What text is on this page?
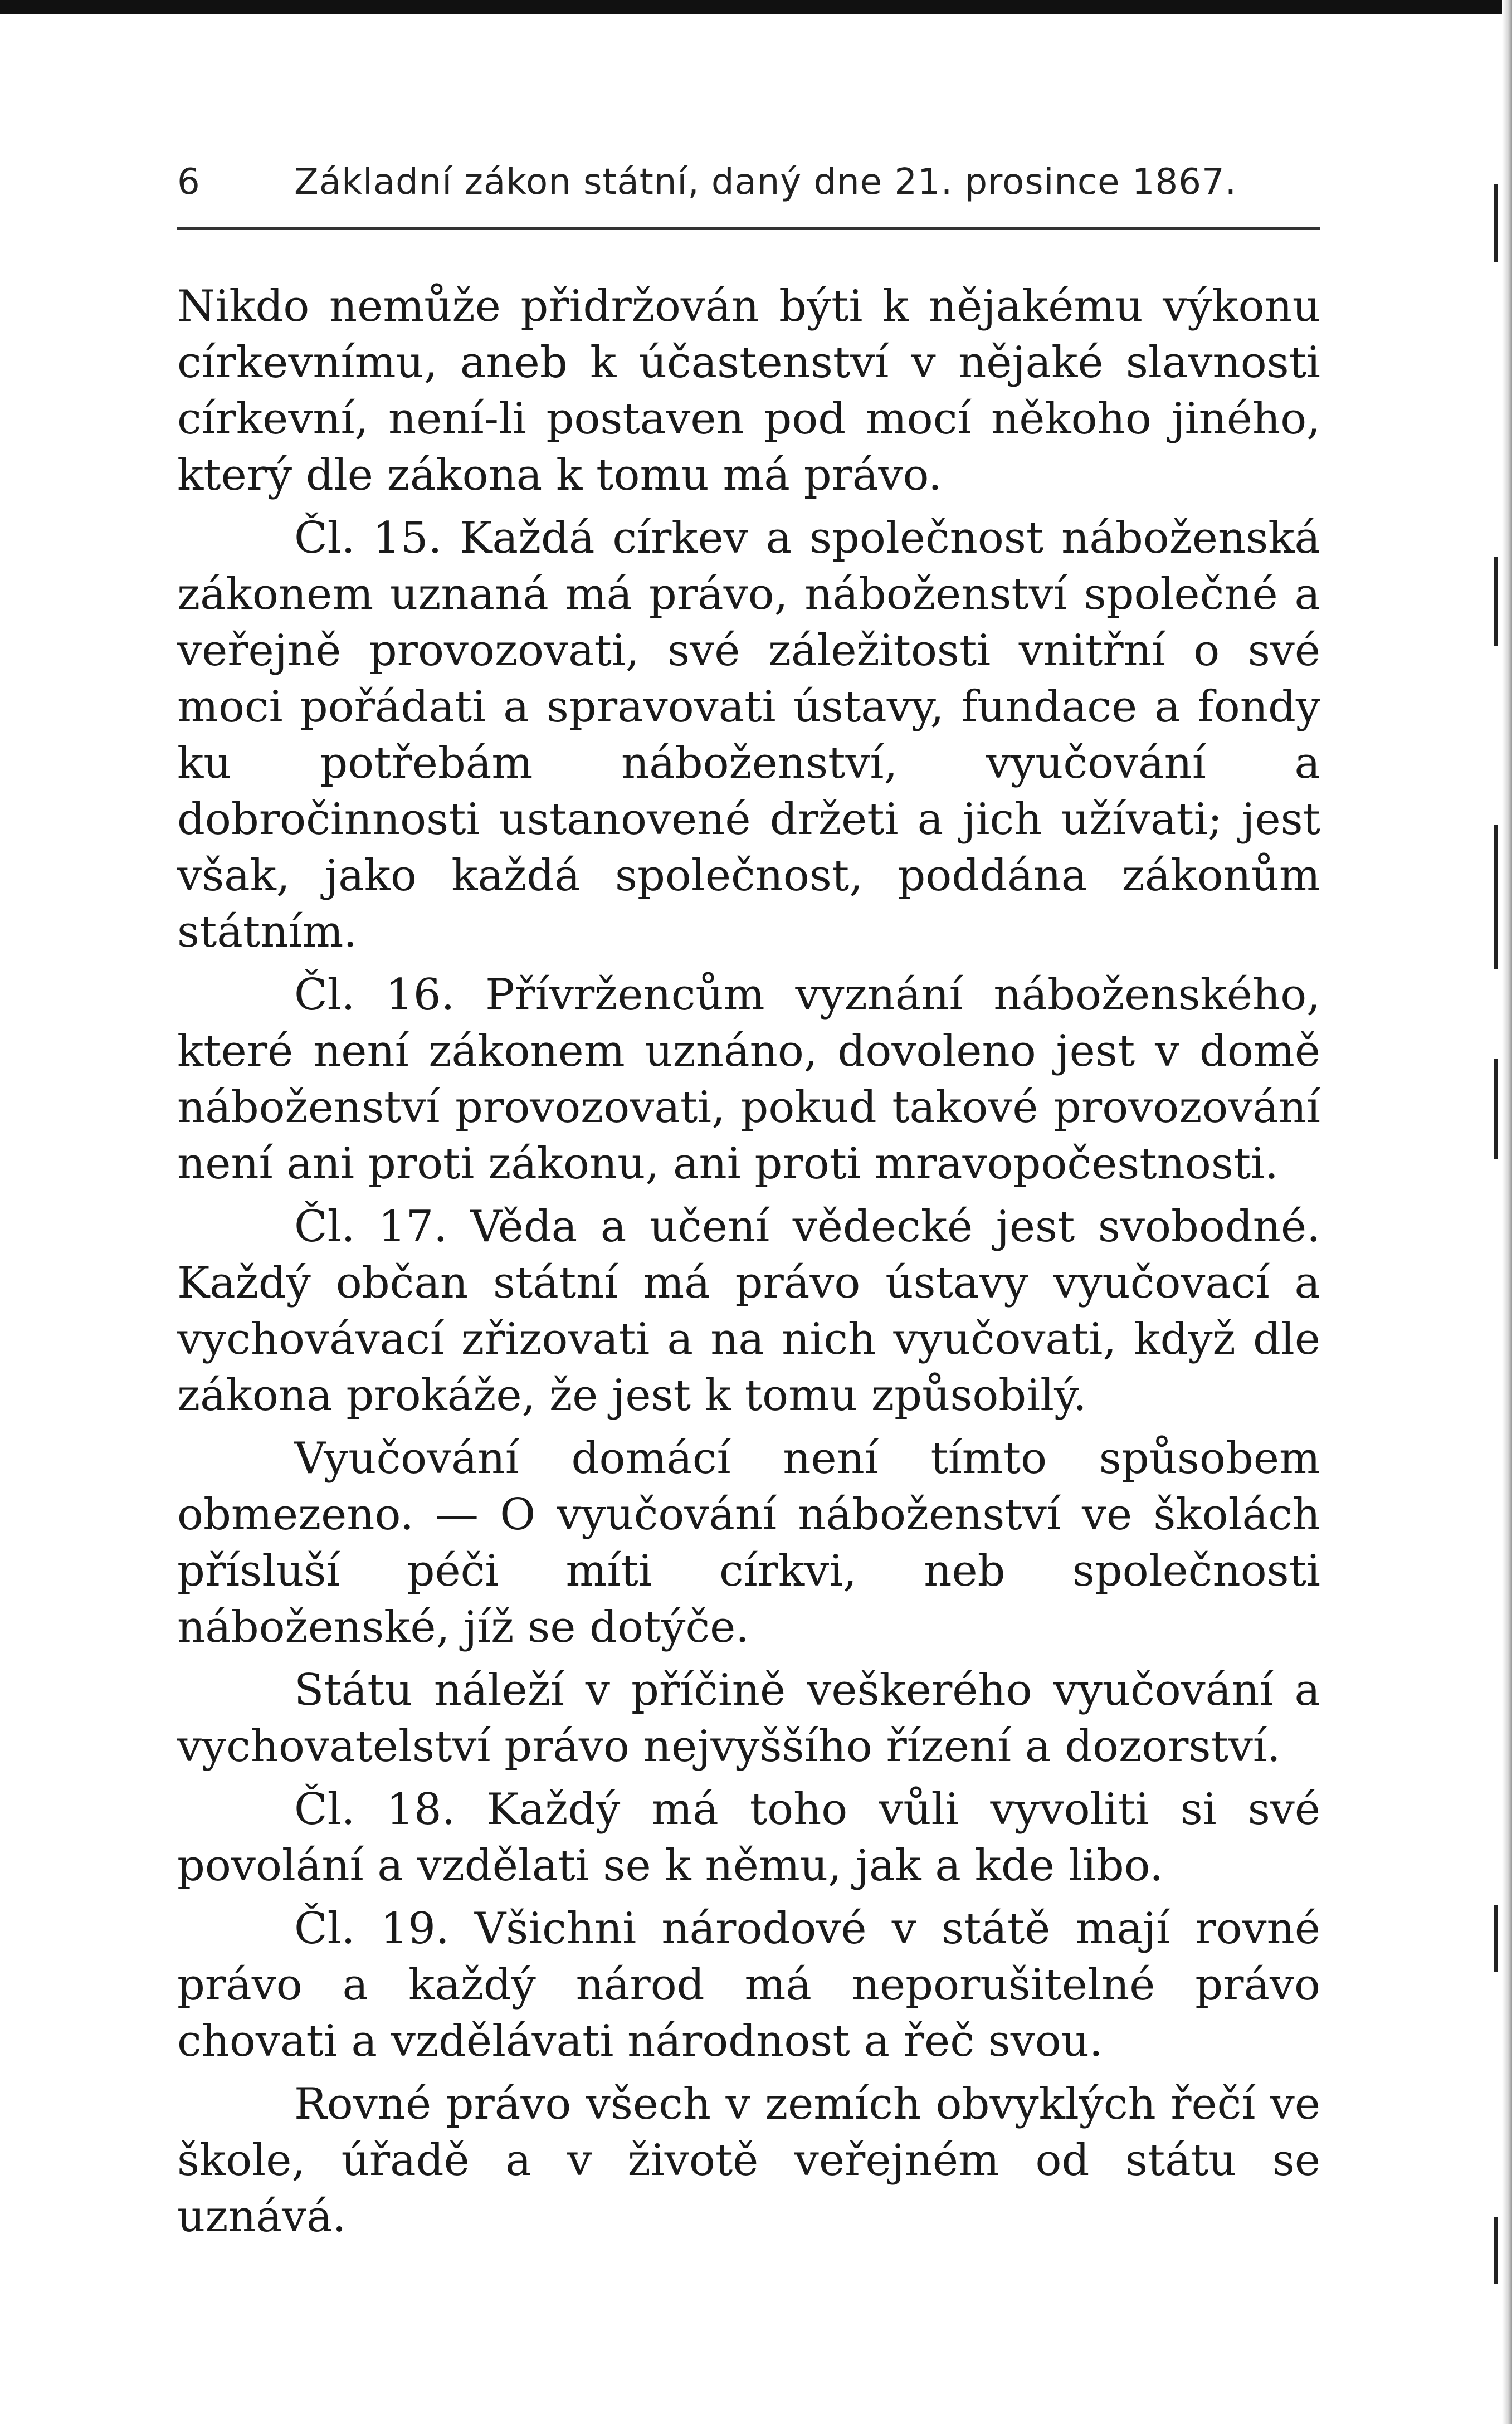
6	Základní zákon státní, daný dne 21. prosince 1867.

Nikdo nemůže přidržován býti k nějakému výkonu církevnímu, aneb k účastenství v nějaké slavnosti církevní, není-li postaven pod mocí někoho jiného, který dle zákona k tomu má právo.

Čl. 15. Každá církev a společnost náboženská zákonem uznaná má právo, náboženství společné a veřejně provozovati, své záležitosti vnitřní o své moci pořádati a spravovati ústavy, fundace a fondy ku potřebám náboženství, vyučování a dobročinnosti ustanovené držeti a jich užívati; jest však, jako každá společnost, poddána zákonům státním.

Čl. 16. Přívržencům vyznání náboženského, které není zákonem uznáno, dovoleno jest v domě náboženství provozovati, pokud takové provozování není ani proti zákonu, ani proti mravopočestnosti.

Čl. 17. Věda a učení vědecké jest svobodné. Každý občan státní má právo ústavy vyučovací a vychovávací zřizovati a na nich vyučovati, když dle zákona prokáže, že jest k tomu způsobilý.

Vyučování domácí není tímto spůsobem obmezeno. — O vyučování náboženství ve školách přísluší péči míti církvi, neb společnosti náboženské, jíž se dotýče.

Státu náleží v příčině veškerého vyučování a vychovatelství právo nejvyššího řízení a dozorství.

Čl. 18. Každý má toho vůli vyvoliti si své povolání a vzdělati se k němu, jak a kde libo.

Čl. 19. Všichni národové v státě mají rovné právo a každý národ má neporušitelné právo chovati a vzdělávati národnost a řeč svou.

Rovné právo všech v zemích obvyklých řečí ve škole, úřadě a v životě veřejném od státu se uznává.
